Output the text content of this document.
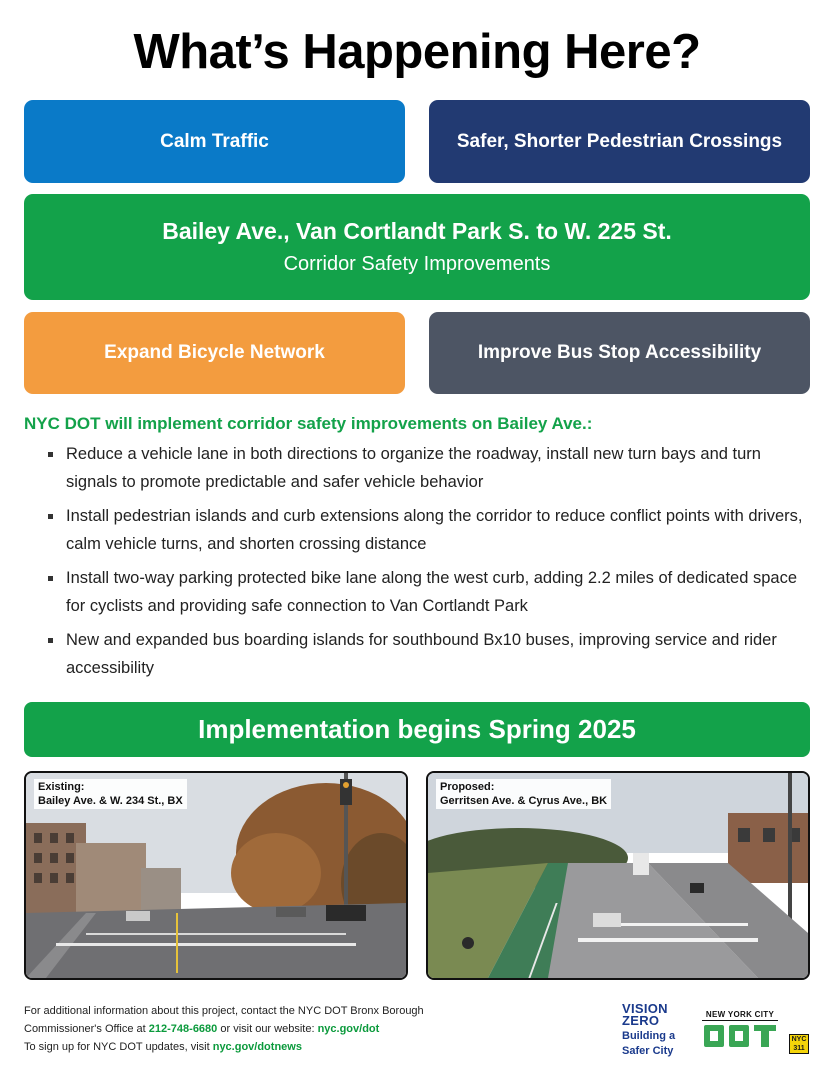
What’s Happening Here?
Calm Traffic	Safer, Shorter Pedestrian Crossings
Bailey Ave., Van Cortlandt Park S. to W. 225 St.
Corridor Safety Improvements
Expand Bicycle Network	Improve Bus Stop Accessibility
NYC DOT will implement corridor safety improvements on Bailey Ave.:
Reduce a vehicle lane in both directions to organize the roadway, install new turn bays and turn signals to promote predictable and safer vehicle behavior
Install pedestrian islands and curb extensions along the corridor to reduce conflict points with drivers, calm vehicle turns, and shorten crossing distance
Install two-way parking protected bike lane along the west curb, adding 2.2 miles of dedicated space for cyclists and providing safe connection to Van Cortlandt Park
New and expanded bus boarding islands for southbound Bx10 buses, improving service and rider accessibility
Implementation begins Spring 2025
Existing:
Bailey Ave. & W. 234 St., BX
Proposed:
Gerritsen Ave. & Cyrus Ave., BK
For additional information about this project, contact the NYC DOT Bronx Borough
Commissioner's Office at 212-748-6680 or visit our website: nyc.gov/dot
To sign up for NYC DOT updates, visit nyc.gov/dotnews
VISION
ZERO
Building a
Safer City
NEW YORK CITY
NYC
311
